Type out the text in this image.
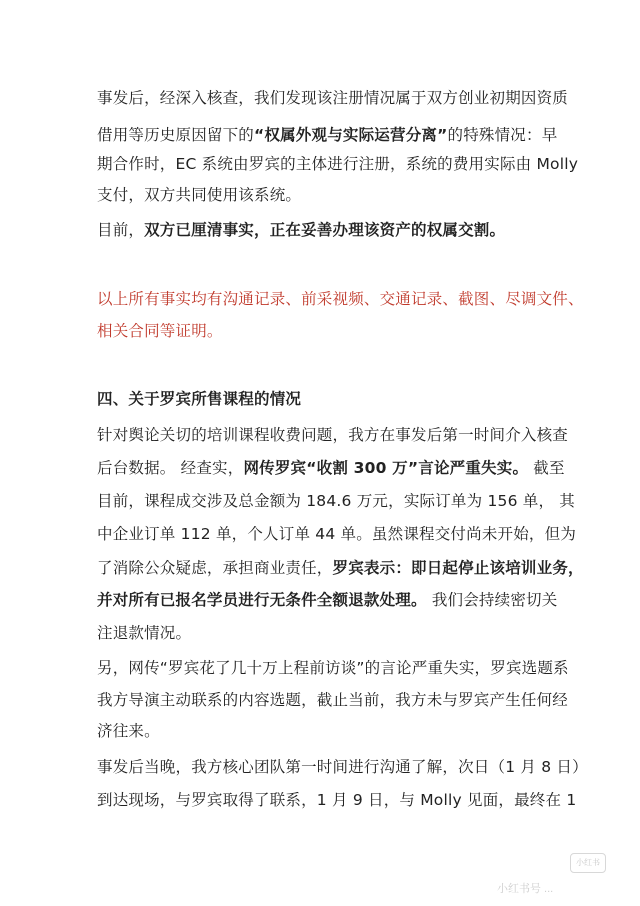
事发后，经深入核查，我们发现该注册情况属于双方创业初期因资质
借用等历史原因留下的“权属外观与实际运营分离”的特殊情况：早
期合作时，EC 系统由罗宾的主体进行注册，系统的费用实际由 Molly
支付，双方共同使用该系统。
目前，双方已厘清事实，正在妥善办理该资产的权属交割。
以上所有事实均有沟通记录、前采视频、交通记录、截图、尽调文件、
相关合同等证明。
四、关于罗宾所售课程的情况
针对舆论关切的培训课程收费问题，我方在事发后第一时间介入核查
后台数据。 经查实，网传罗宾“收割 300 万”言论严重失实。 截至
目前，课程成交涉及总金额为 184.6 万元，实际订单为 156 单， 其
中企业订单 112 单，个人订单 44 单。虽然课程交付尚未开始，但为
了消除公众疑虑，承担商业责任，罗宾表示：即日起停止该培训业务，
并对所有已报名学员进行无条件全额退款处理。 我们会持续密切关
注退款情况。
另，网传“罗宾花了几十万上程前访谈”的言论严重失实，罗宾选题系
我方导演主动联系的内容选题，截止当前，我方未与罗宾产生任何经
济往来。
事发后当晚，我方核心团队第一时间进行沟通了解，次日（1 月 8 日）
到达现场，与罗宾取得了联系，1 月 9 日，与 Molly 见面，最终在 1
小红书
小红书号 ...
